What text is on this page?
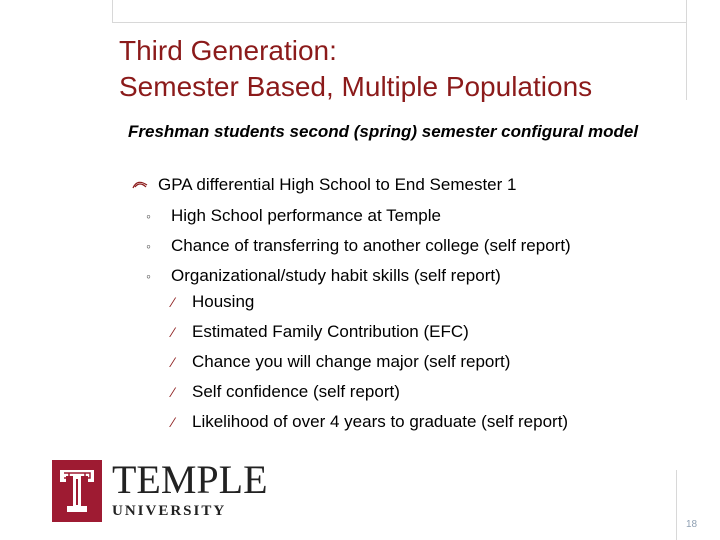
Third Generation:
Semester Based, Multiple Populations
Freshman students second (spring) semester configural model
GPA differential High School to End Semester 1
◦ High School performance at Temple
◦ Chance of transferring to another college (self report)
◦ Organizational/study habit skills (self report)
⁄ Housing
⁄ Estimated Family Contribution (EFC)
⁄ Chance you will change major (self report)
⁄ Self confidence (self report)
⁄ Likelihood of over 4 years to graduate (self report)
TEMPLE
UNIVERSITY
18
